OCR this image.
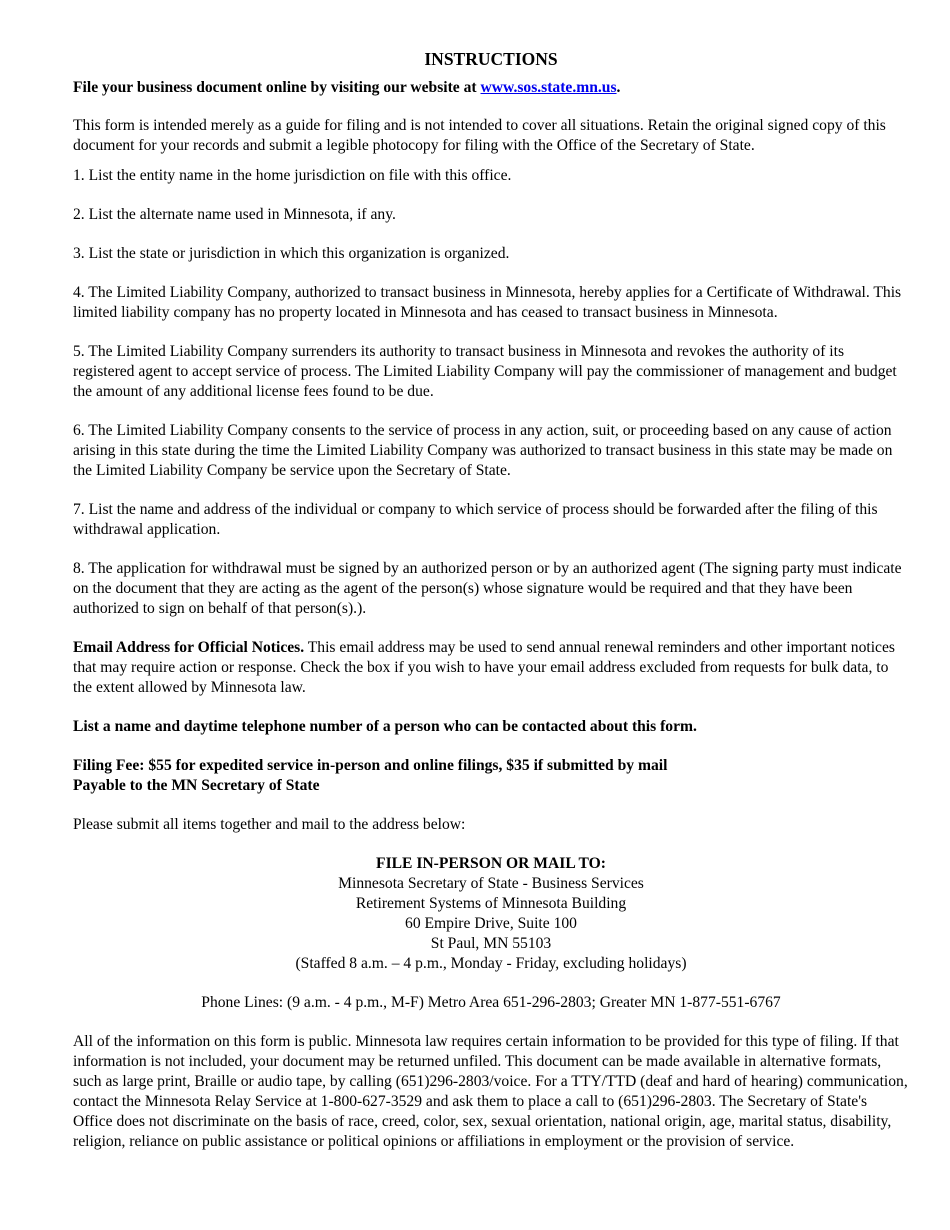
INSTRUCTIONS

File your business document online by visiting our website at www.sos.state.mn.us.

This form is intended merely as a guide for filing and is not intended to cover all situations. Retain the original signed copy of this document for your records and submit a legible photocopy for filing with the Office of the Secretary of State.

1. List the entity name in the home jurisdiction on file with this office.

2. List the alternate name used in Minnesota, if any.

3. List the state or jurisdiction in which this organization is organized.

4. The Limited Liability Company, authorized to transact business in Minnesota, hereby applies for a Certificate of Withdrawal. This limited liability company has no property located in Minnesota and has ceased to transact business in Minnesota.

5. The Limited Liability Company surrenders its authority to transact business in Minnesota and revokes the authority of its registered agent to accept service of process. The Limited Liability Company will pay the commissioner of management and budget the amount of any additional license fees found to be due.

6. The Limited Liability Company consents to the service of process in any action, suit, or proceeding based on any cause of action arising in this state during the time the Limited Liability Company was authorized to transact business in this state may be made on the Limited Liability Company be service upon the Secretary of State.

7. List the name and address of the individual or company to which service of process should be forwarded after the filing of this withdrawal application.

8. The application for withdrawal must be signed by an authorized person or by an authorized agent (The signing party must indicate on the document that they are acting as the agent of the person(s) whose signature would be required and that they have been authorized to sign on behalf of that person(s).).

Email Address for Official Notices. This email address may be used to send annual renewal reminders and other important notices that may require action or response. Check the box if you wish to have your email address excluded from requests for bulk data, to the extent allowed by Minnesota law.

List a name and daytime telephone number of a person who can be contacted about this form.

Filing Fee: $55 for expedited service in-person and online filings, $35 if submitted by mail
Payable to the MN Secretary of State

Please submit all items together and mail to the address below:

FILE IN-PERSON OR MAIL TO:
Minnesota Secretary of State - Business Services
Retirement Systems of Minnesota Building
60 Empire Drive, Suite 100
St Paul, MN 55103
(Staffed 8 a.m. – 4 p.m., Monday - Friday, excluding holidays)

Phone Lines: (9 a.m. - 4 p.m., M-F) Metro Area 651-296-2803; Greater MN 1-877-551-6767

All of the information on this form is public. Minnesota law requires certain information to be provided for this type of filing. If that information is not included, your document may be returned unfiled. This document can be made available in alternative formats, such as large print, Braille or audio tape, by calling (651)296-2803/voice. For a TTY/TTD (deaf and hard of hearing) communication, contact the Minnesota Relay Service at 1-800-627-3529 and ask them to place a call to (651)296-2803. The Secretary of State's Office does not discriminate on the basis of race, creed, color, sex, sexual orientation, national origin, age, marital status, disability, religion, reliance on public assistance or political opinions or affiliations in employment or the provision of service.
